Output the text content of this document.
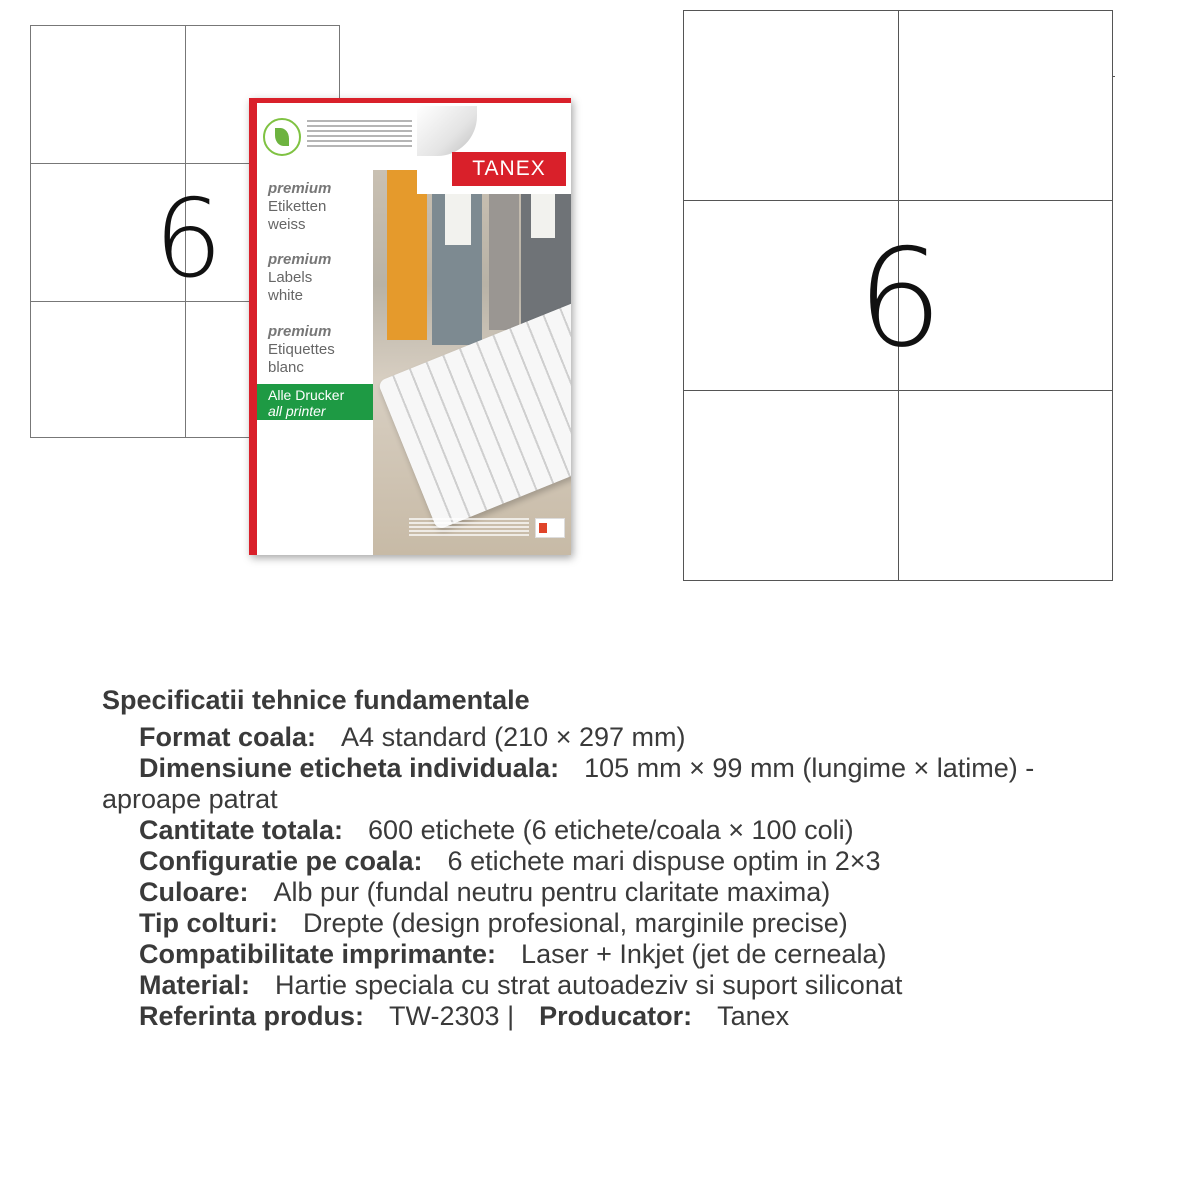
6
TANEX
premium
Etiketten
weiss
premium
Labels
white
premium
Etiquettes
blanc
Alle Drucker
all printer
6
Specificatii tehnice fundamentale
Format coala: A4 standard (210 × 297 mm)
Dimensiune eticheta individuala: 105 mm × 99 mm (lungime × latime) -
aproape patrat
Cantitate totala: 600 etichete (6 etichete/coala × 100 coli)
Configuratie pe coala: 6 etichete mari dispuse optim in 2×3
Culoare: Alb pur (fundal neutru pentru claritate maxima)
Tip colturi: Drepte (design profesional, marginile precise)
Compatibilitate imprimante: Laser + Inkjet (jet de cerneala)
Material: Hartie speciala cu strat autoadeziv si suport siliconat
Referinta produs: TW-2303 | Producator: Tanex
